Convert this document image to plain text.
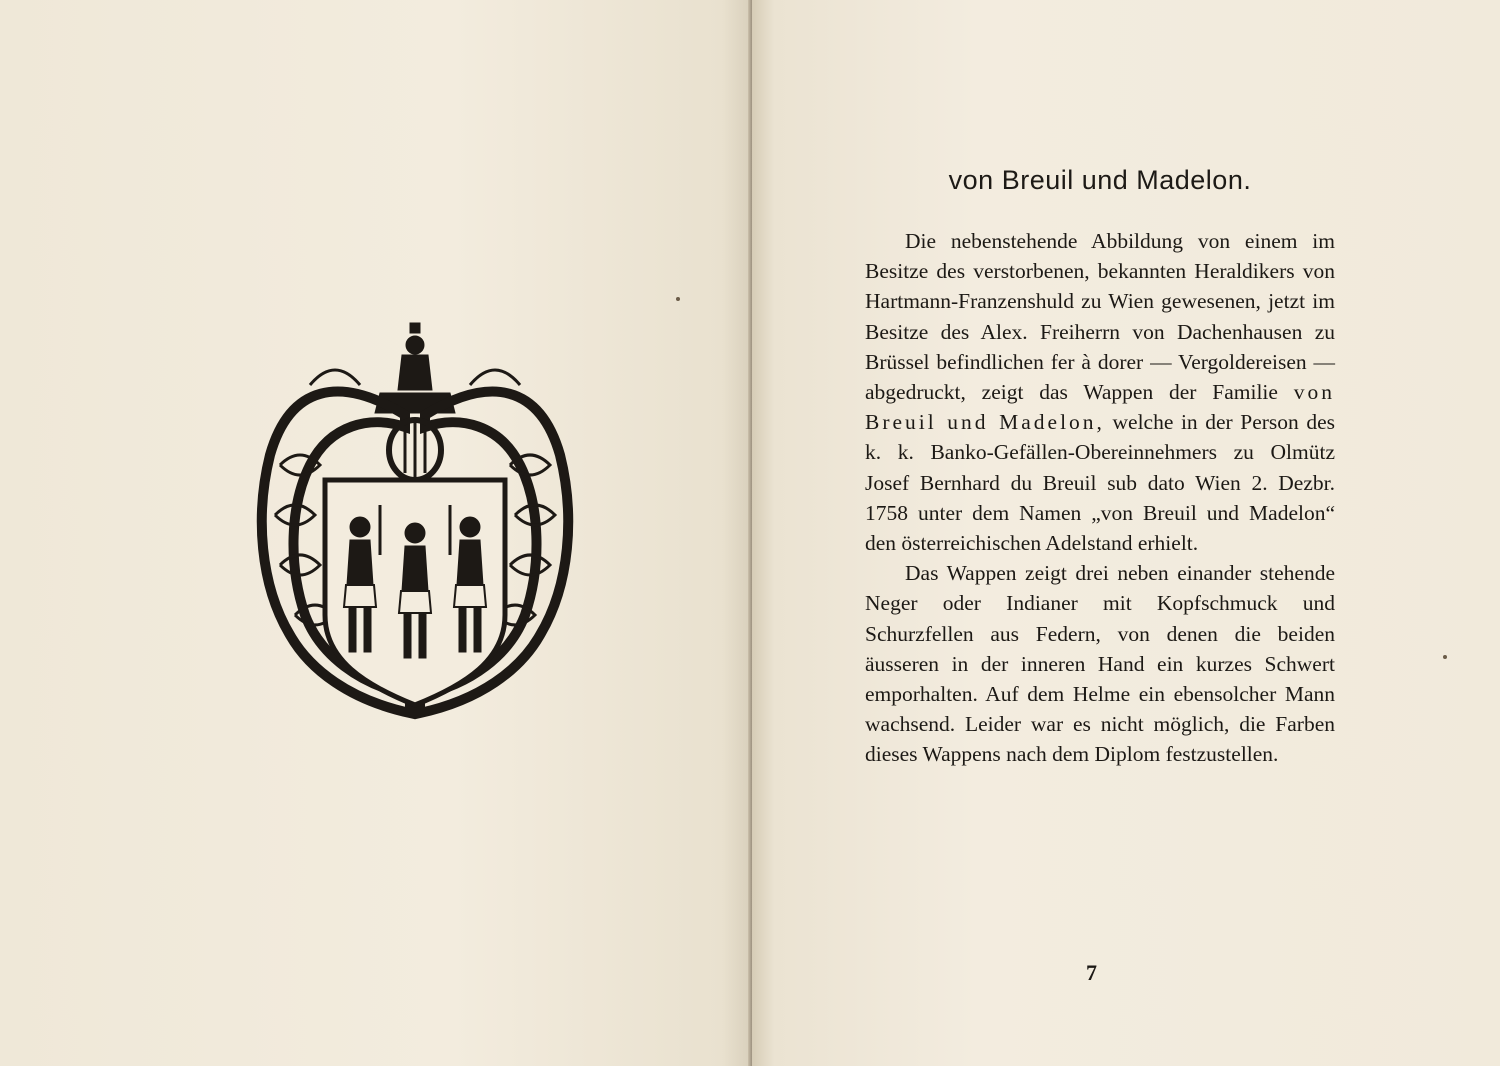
von Breuil und Madelon.

Die nebenstehende Abbildung von einem im Besitze des verstorbenen, bekannten Heraldikers von Hartmann-Franzenshuld zu Wien gewesenen, jetzt im Besitze des Alex. Freiherrn von Dachenhausen zu Brüssel befindlichen fer à dorer — Vergoldereisen — abgedruckt, zeigt das Wappen der Familie von Breuil und Madelon, welche in der Person des k. k. Banko-Gefällen-Obereinnehmers zu Olmütz Josef Bernhard du Breuil sub dato Wien 2. Dezbr. 1758 unter dem Namen „von Breuil und Madelon“ den österreichischen Adelstand erhielt.

Das Wappen zeigt drei neben einander stehende Neger oder Indianer mit Kopfschmuck und Schurzfellen aus Federn, von denen die beiden äusseren in der inneren Hand ein kurzes Schwert emporhalten. Auf dem Helme ein ebensolcher Mann wachsend. Leider war es nicht möglich, die Farben dieses Wappens nach dem Diplom festzustellen.

7
